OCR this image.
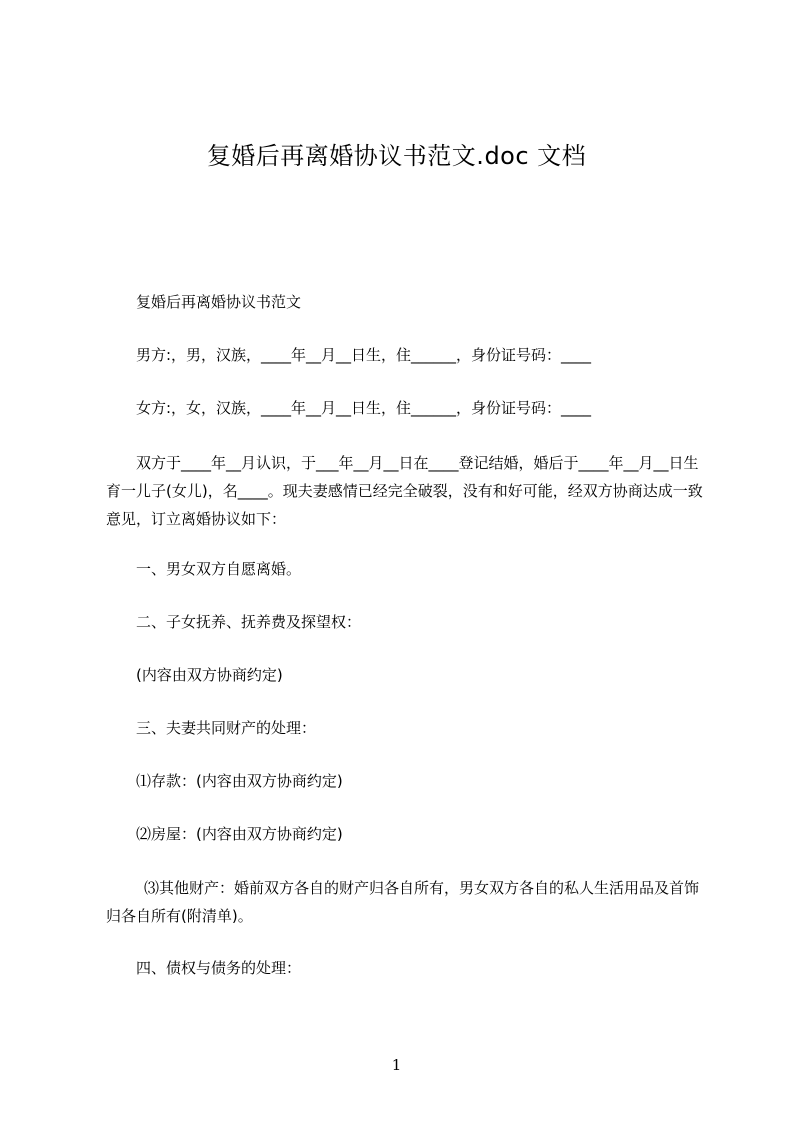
复婚后再离婚协议书范文.doc 文档
复婚后再离婚协议书范文
男方:，男，汉族，____年__月__日生，住______，身份证号码：____
女方:，女，汉族，____年__月__日生，住______，身份证号码：____
双方于____年__月认识，于___年__月__日在____登记结婚，婚后于____年__月__日生育一儿子(女儿)，名____。现夫妻感情已经完全破裂，没有和好可能，经双方协商达成一致意见，订立离婚协议如下：
一、男女双方自愿离婚。
二、子女抚养、抚养费及探望权：
(内容由双方协商约定)
三、夫妻共同财产的处理：
⑴存款：(内容由双方协商约定)
⑵房屋：(内容由双方协商约定)
⑶其他财产：婚前双方各自的财产归各自所有，男女双方各自的私人生活用品及首饰归各自所有(附清单)。
四、债权与债务的处理：
1
